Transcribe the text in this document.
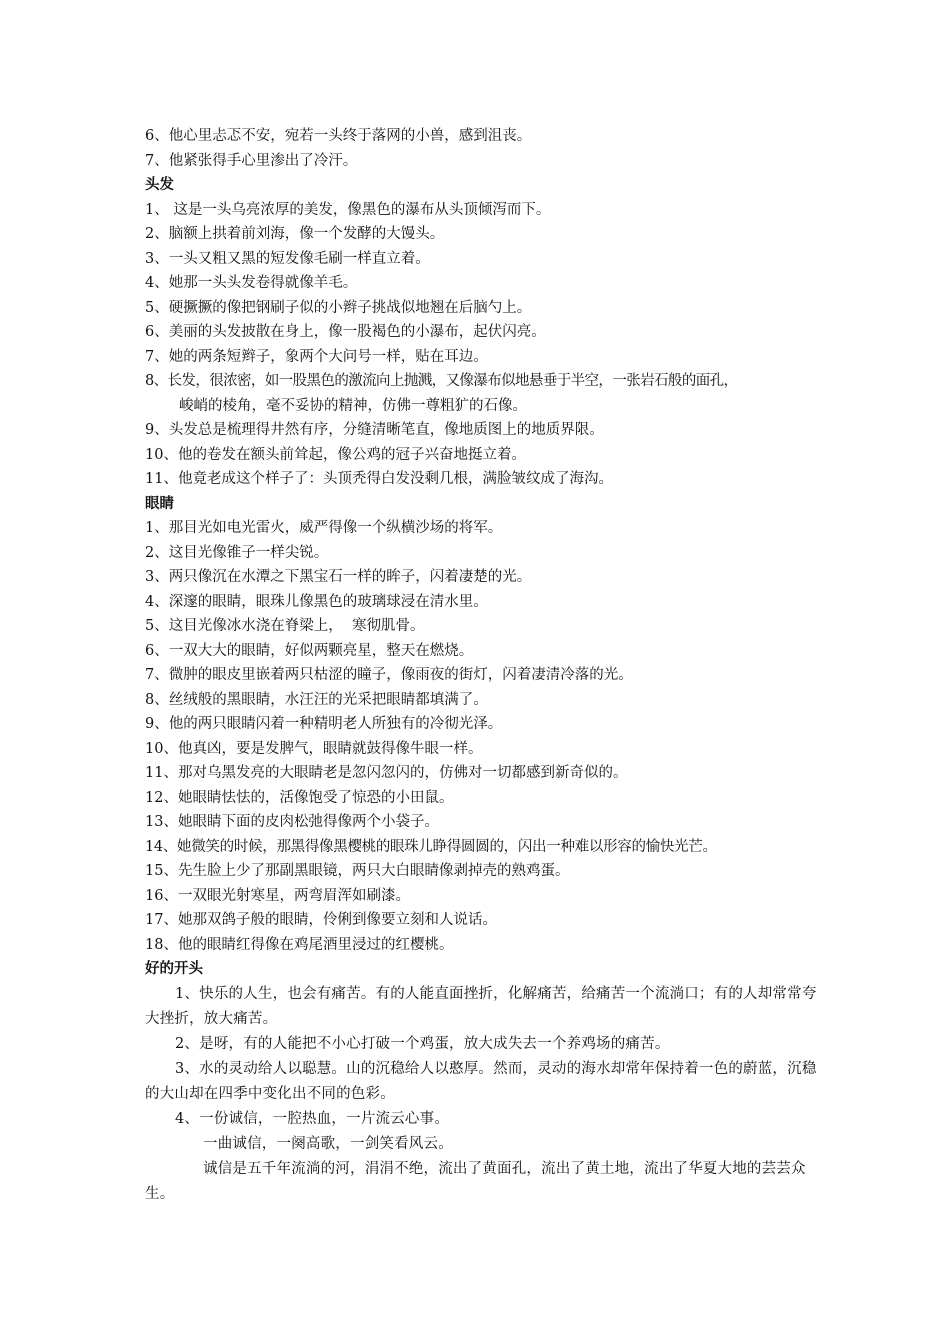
6、他心里忐忑不安，宛若一头终于落网的小兽，感到沮丧。
7、他紧张得手心里渗出了冷汗。
头发
1、 这是一头乌亮浓厚的美发，像黑色的瀑布从头顶倾泻而下。
2、脑额上拱着前刘海，像一个发酵的大馒头。
3、一头又粗又黑的短发像毛刷一样直立着。
4、她那一头头发卷得就像羊毛。
5、硬撅撅的像把钢刷子似的小辫子挑战似地翘在后脑勺上。
6、美丽的头发披散在身上，像一股褐色的小瀑布，起伏闪亮。
7、她的两条短辫子，象两个大问号一样，贴在耳边。
8、长发，很浓密，如一股黑色的激流向上抛溅，又像瀑布似地悬垂于半空，一张岩石般的面孔，
峻峭的棱角，毫不妥协的精神，仿佛一尊粗犷的石像。
9、头发总是梳理得井然有序，分缝清晰笔直，像地质图上的地质界限。
10、他的卷发在额头前耸起，像公鸡的冠子兴奋地挺立着。
11、他竟老成这个样子了：头顶秃得白发没剩几根，满脸皱纹成了海沟。
眼睛
1、那目光如电光雷火，威严得像一个纵横沙场的将军。
2、这目光像锥子一样尖锐。
3、两只像沉在水潭之下黑宝石一样的眸子，闪着凄楚的光。
4、深邃的眼睛，眼珠儿像黑色的玻璃球浸在清水里。
5、这目光像冰水浇在脊梁上，  寒彻肌骨。
6、一双大大的眼睛，好似两颗亮星，整天在燃烧。
7、微肿的眼皮里嵌着两只枯涩的瞳子，像雨夜的街灯，闪着凄清冷落的光。
8、丝绒般的黑眼睛，水汪汪的光采把眼睛都填满了。
9、他的两只眼睛闪着一种精明老人所独有的冷彻光泽。
10、他真凶，要是发脾气，眼睛就鼓得像牛眼一样。
11、那对乌黑发亮的大眼睛老是忽闪忽闪的，仿佛对一切都感到新奇似的。
12、她眼睛怯怯的，活像饱受了惊恐的小田鼠。
13、她眼睛下面的皮肉松弛得像两个小袋子。
14、她微笑的时候，那黑得像黑樱桃的眼珠儿睁得圆圆的，闪出一种难以形容的愉快光芒。
15、先生脸上少了那副黑眼镜，两只大白眼睛像剥掉壳的熟鸡蛋。
16、一双眼光射寒星，两弯眉浑如刷漆。
17、她那双鸽子般的眼睛，伶俐到像要立刻和人说话。
18、他的眼睛红得像在鸡尾酒里浸过的红樱桃。
好的开头
1、快乐的人生，也会有痛苦。有的人能直面挫折，化解痛苦，给痛苦一个流淌口；有的人却常常夸大挫折，放大痛苦。
2、是呀，有的人能把不小心打破一个鸡蛋，放大成失去一个养鸡场的痛苦。
3、水的灵动给人以聪慧。山的沉稳给人以憨厚。然而，灵动的海水却常年保持着一色的蔚蓝，沉稳的大山却在四季中变化出不同的色彩。
4、一份诚信，一腔热血，一片流云心事。
一曲诚信，一阕高歌，一剑笑看风云。
诚信是五千年流淌的河，涓涓不绝，流出了黄面孔，流出了黄土地，流出了华夏大地的芸芸众生。
